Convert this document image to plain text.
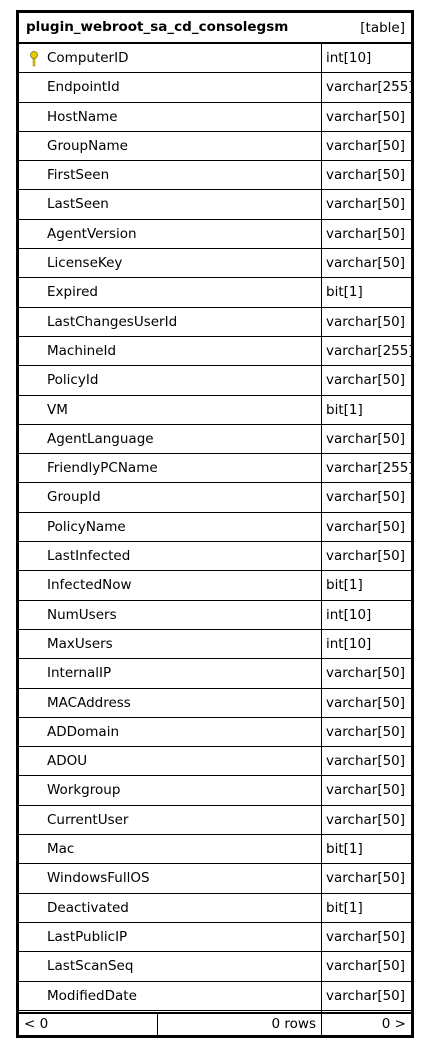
plugin_webroot_sa_cd_consolegsm	[table]
ComputerID	int[10]
EndpointId	varchar[255]
HostName	varchar[50]
GroupName	varchar[50]
FirstSeen	varchar[50]
LastSeen	varchar[50]
AgentVersion	varchar[50]
LicenseKey	varchar[50]
Expired	bit[1]
LastChangesUserId	varchar[50]
MachineId	varchar[255]
PolicyId	varchar[50]
VM	bit[1]
AgentLanguage	varchar[50]
FriendlyPCName	varchar[255]
GroupId	varchar[50]
PolicyName	varchar[50]
LastInfected	varchar[50]
InfectedNow	bit[1]
NumUsers	int[10]
MaxUsers	int[10]
InternalIP	varchar[50]
MACAddress	varchar[50]
ADDomain	varchar[50]
ADOU	varchar[50]
Workgroup	varchar[50]
CurrentUser	varchar[50]
Mac	bit[1]
WindowsFullOS	varchar[50]
Deactivated	bit[1]
LastPublicIP	varchar[50]
LastScanSeq	varchar[50]
ModifiedDate	varchar[50]
< 0	0 rows	0 >
